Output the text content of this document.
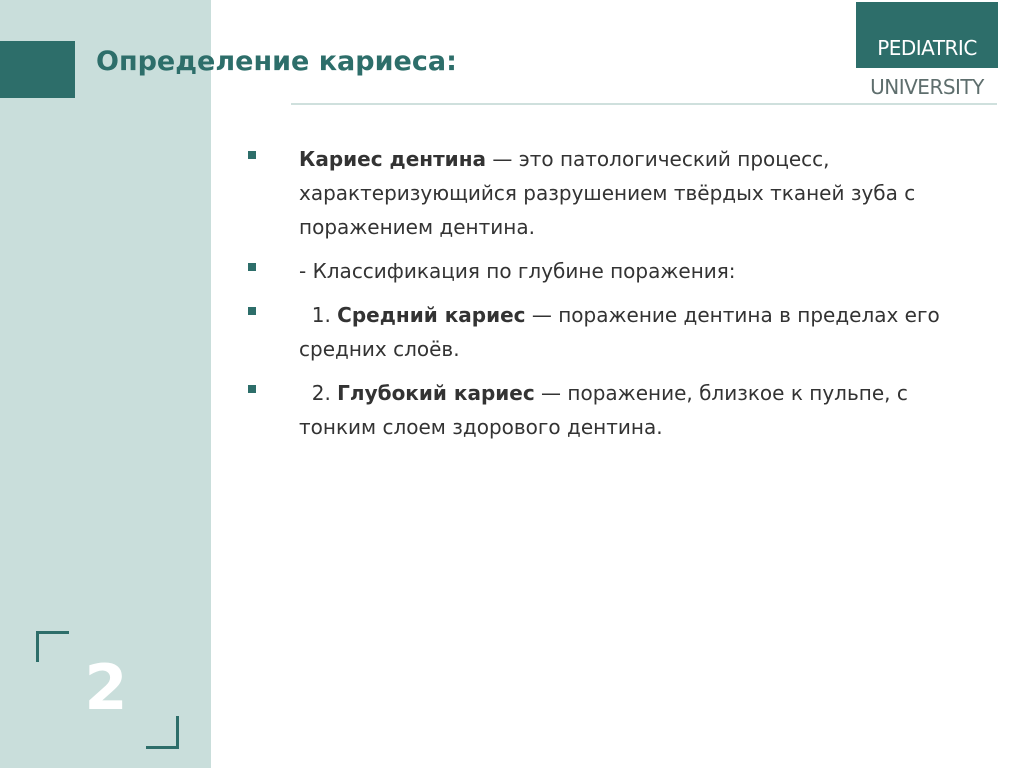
Определение кариеса:	PEDIATRIC
UNIVERSITY
Кариес дентина — это патологический процесс, характеризующийся разрушением твёрдых тканей зуба с поражением дентина.
- Классификация по глубине поражения:
1. Средний кариес — поражение дентина в пределах его средних слоёв.
2. Глубокий кариес — поражение, близкое к пульпе, с тонким слоем здорового дентина.
2
